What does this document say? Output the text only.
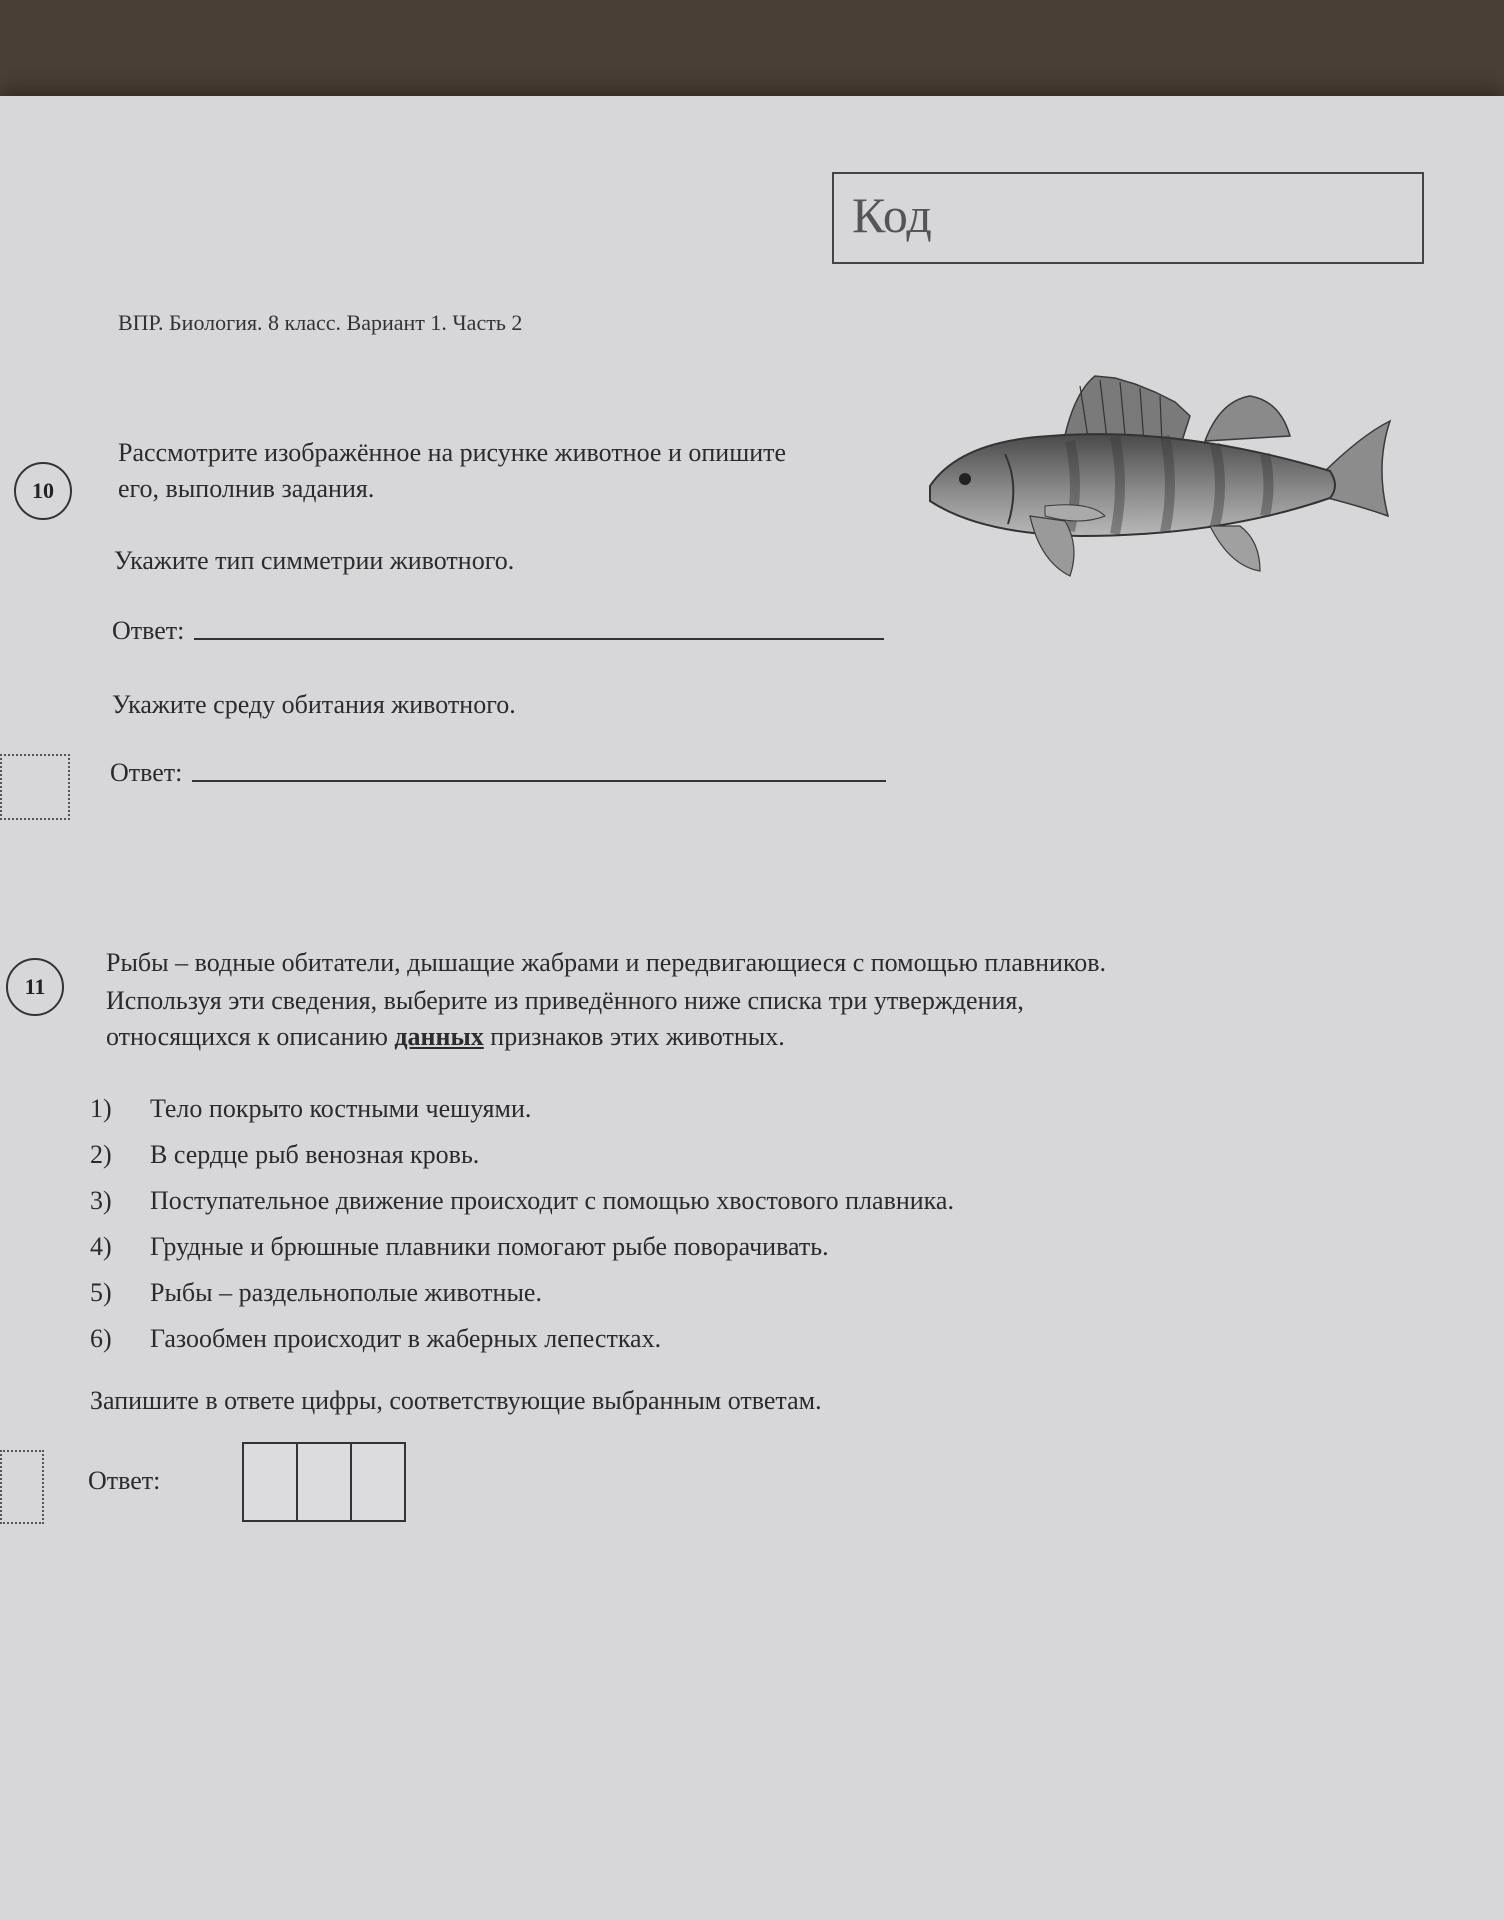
Код
ВПР. Биология. 8 класс. Вариант 1. Часть 2
10
Рассмотрите изображённое на рисунке животное и опишите
его, выполнив задания.
Укажите тип симметрии животного.
Ответ:
Укажите среду обитания животного.
Ответ:
11
Рыбы – водные обитатели, дышащие жабрами и передвигающиеся с помощью плавников.
Используя эти сведения, выберите из приведённого ниже списка три утверждения,
относящихся к описанию данных признаков этих животных.
1)	Тело покрыто костными чешуями.
2)	В сердце рыб венозная кровь.
3)	Поступательное движение происходит с помощью хвостового плавника.
4)	Грудные и брюшные плавники помогают рыбе поворачивать.
5)	Рыбы – раздельнополые животные.
6)	Газообмен происходит в жаберных лепестках.
Запишите в ответе цифры, соответствующие выбранным ответам.
Ответ:
